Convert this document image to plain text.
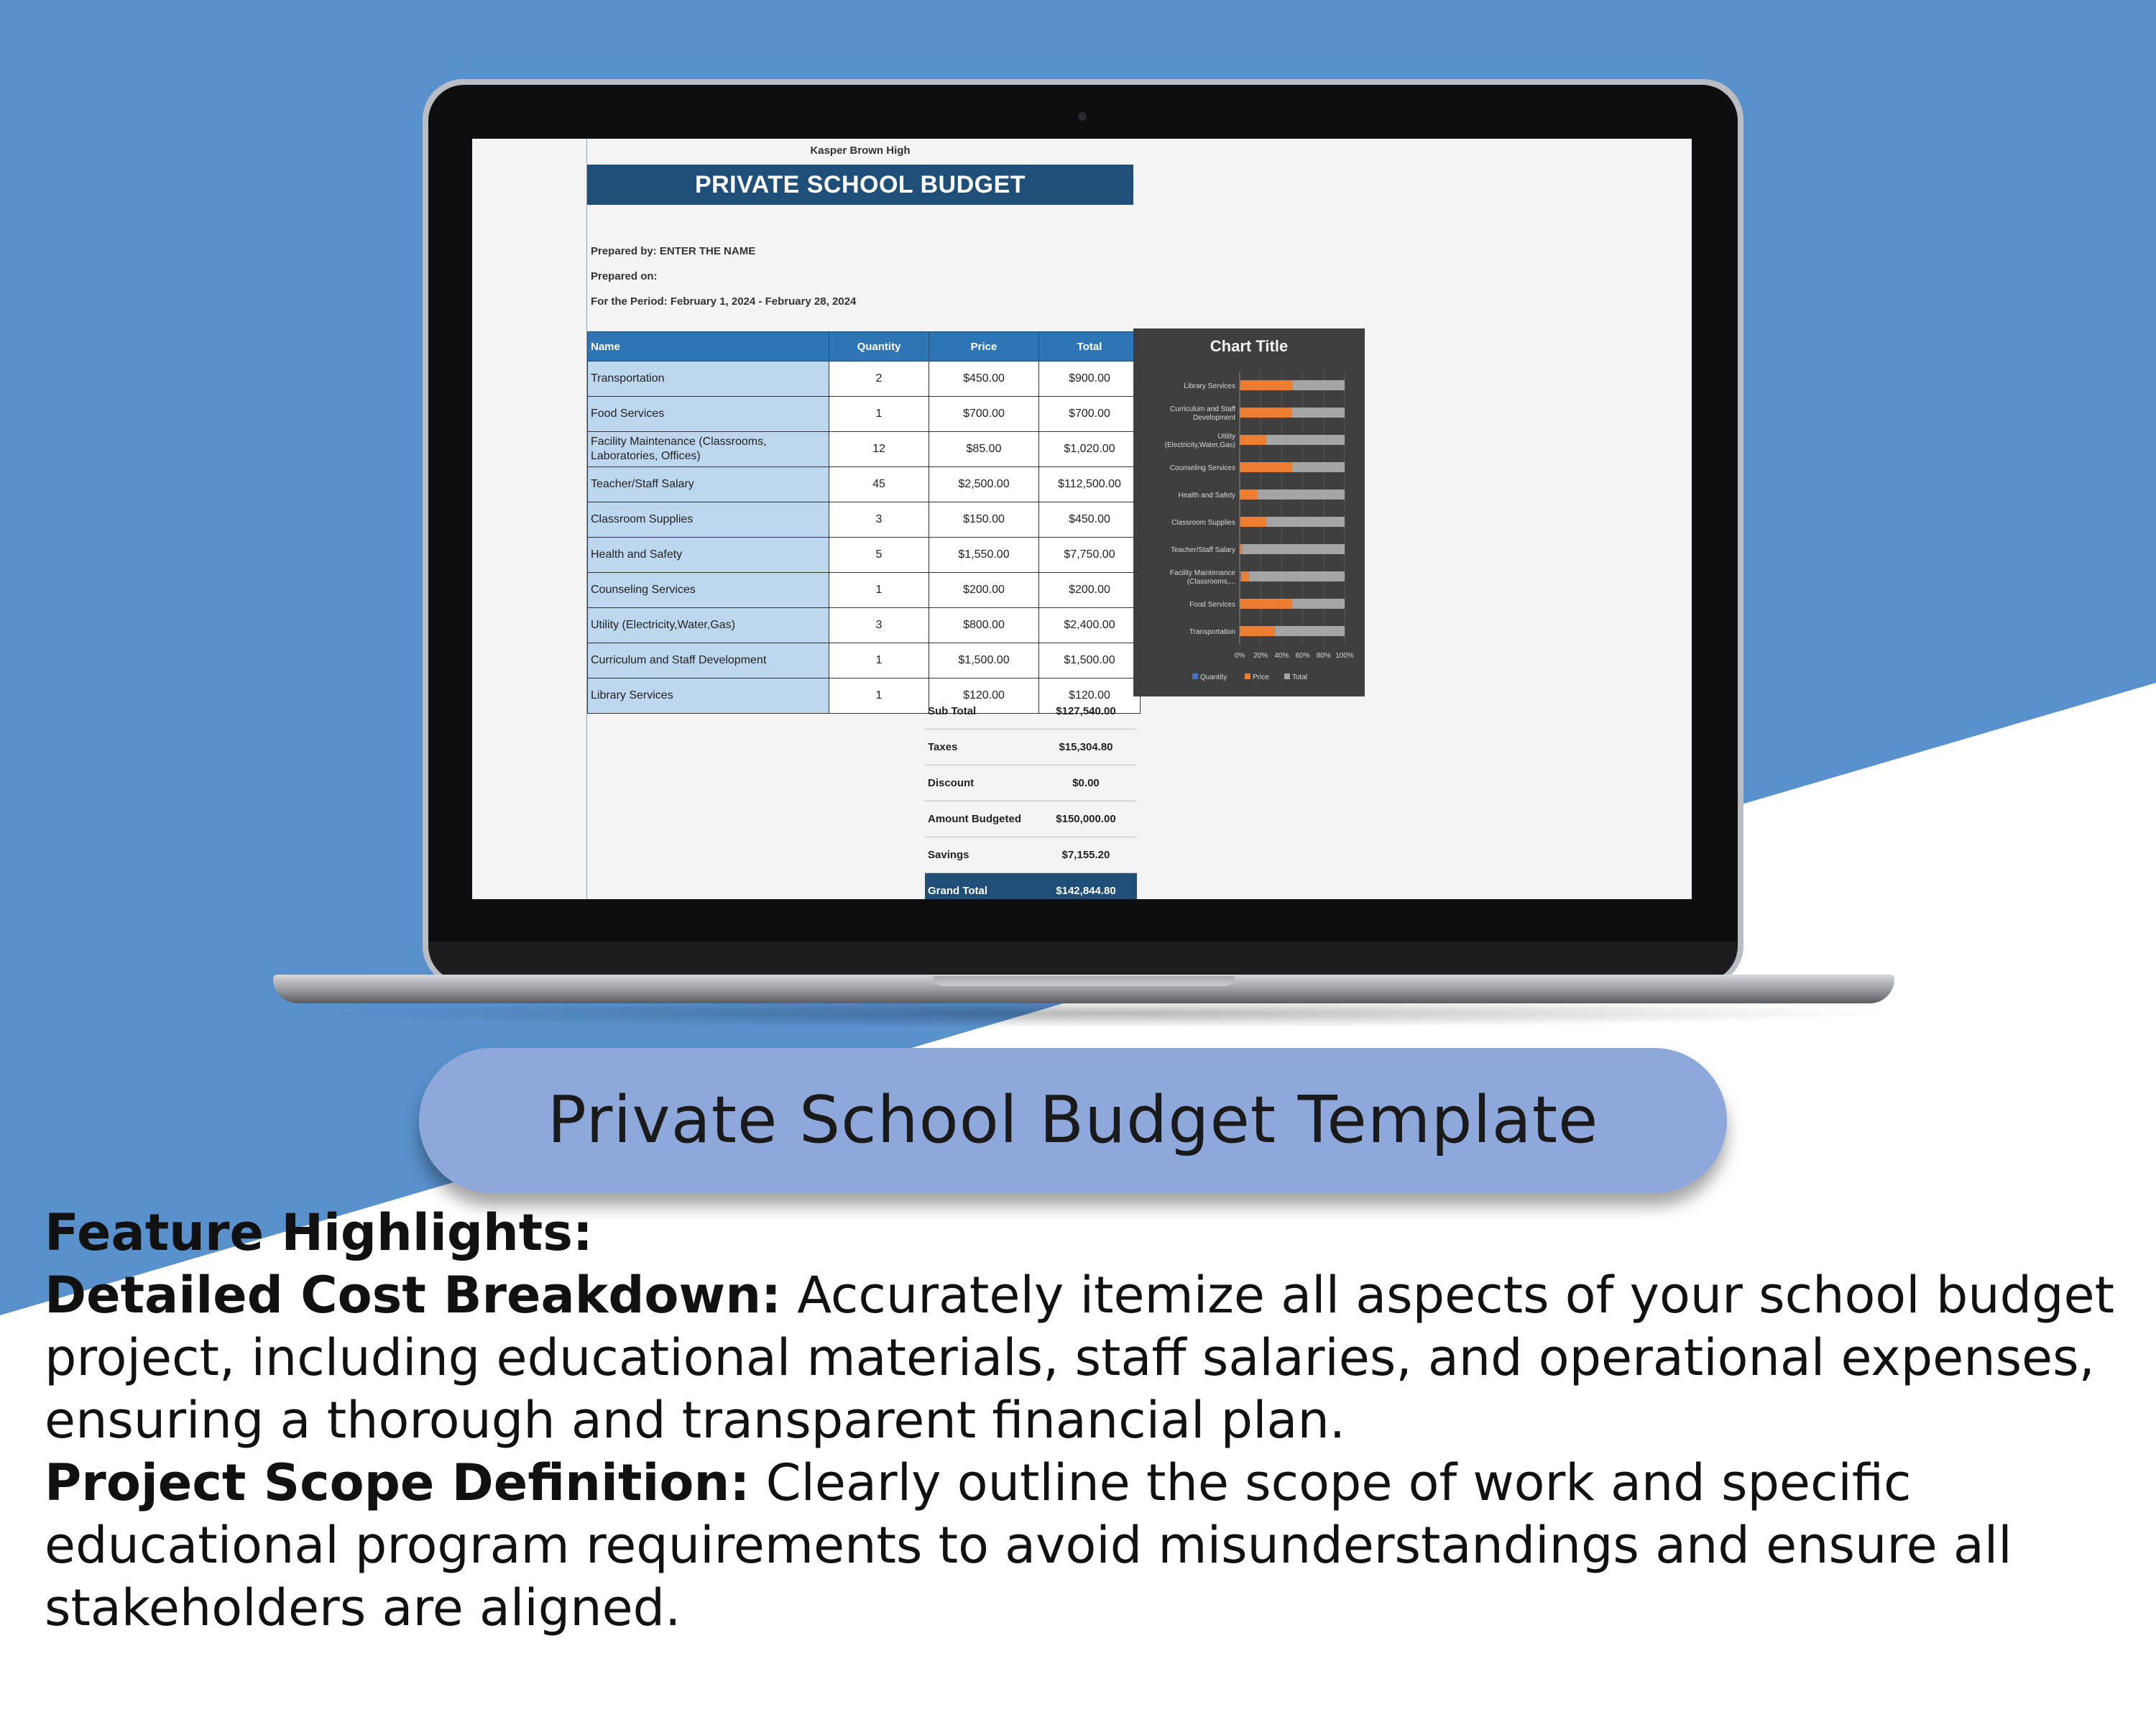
Kasper Brown High
PRIVATE SCHOOL BUDGET
Prepared by: ENTER THE NAME
Prepared on:
For the Period: February 1, 2024 - February 28, 2024
Name	Quantity	Price	Total
Transportation	2	$450.00	$900.00
Food Services	1	$700.00	$700.00
Facility Maintenance (Classrooms, Laboratories, Offices)	12	$85.00	$1,020.00
Teacher/Staff Salary	45	$2,500.00	$112,500.00
Classroom Supplies	3	$150.00	$450.00
Health and Safety	5	$1,550.00	$7,750.00
Counseling Services	1	$200.00	$200.00
Utility (Electricity,Water,Gas)	3	$800.00	$2,400.00
Curriculum and Staff Development	1	$1,500.00	$1,500.00
Library Services	1	$120.00	$120.00
Sub Total	$127,540.00
Taxes	$15,304.80
Discount	$0.00
Amount Budgeted	$150,000.00
Savings	$7,155.20
Grand Total	$142,844.80
0% 20% 40% 60% 80% 100%
Library Services
Curriculum and Staff
Development
Utility
(Electricity,Water,Gas)
Counseling Services
Health and Safety
Classroom Supplies
Teacher/Staff Salary
Facility Maintenance
(Classrooms,...
Food Services
Transportation
Quantity	Price	Total
Chart Title
Private School Budget Template
Feature Highlights:
Detailed Cost Breakdown: Accurately itemize all aspects of your school budget project, including educational materials, staff salaries, and operational expenses, ensuring a thorough and transparent financial plan.
Project Scope Definition: Clearly outline the scope of work and specific educational program requirements to avoid misunderstandings and ensure all stakeholders are aligned.
